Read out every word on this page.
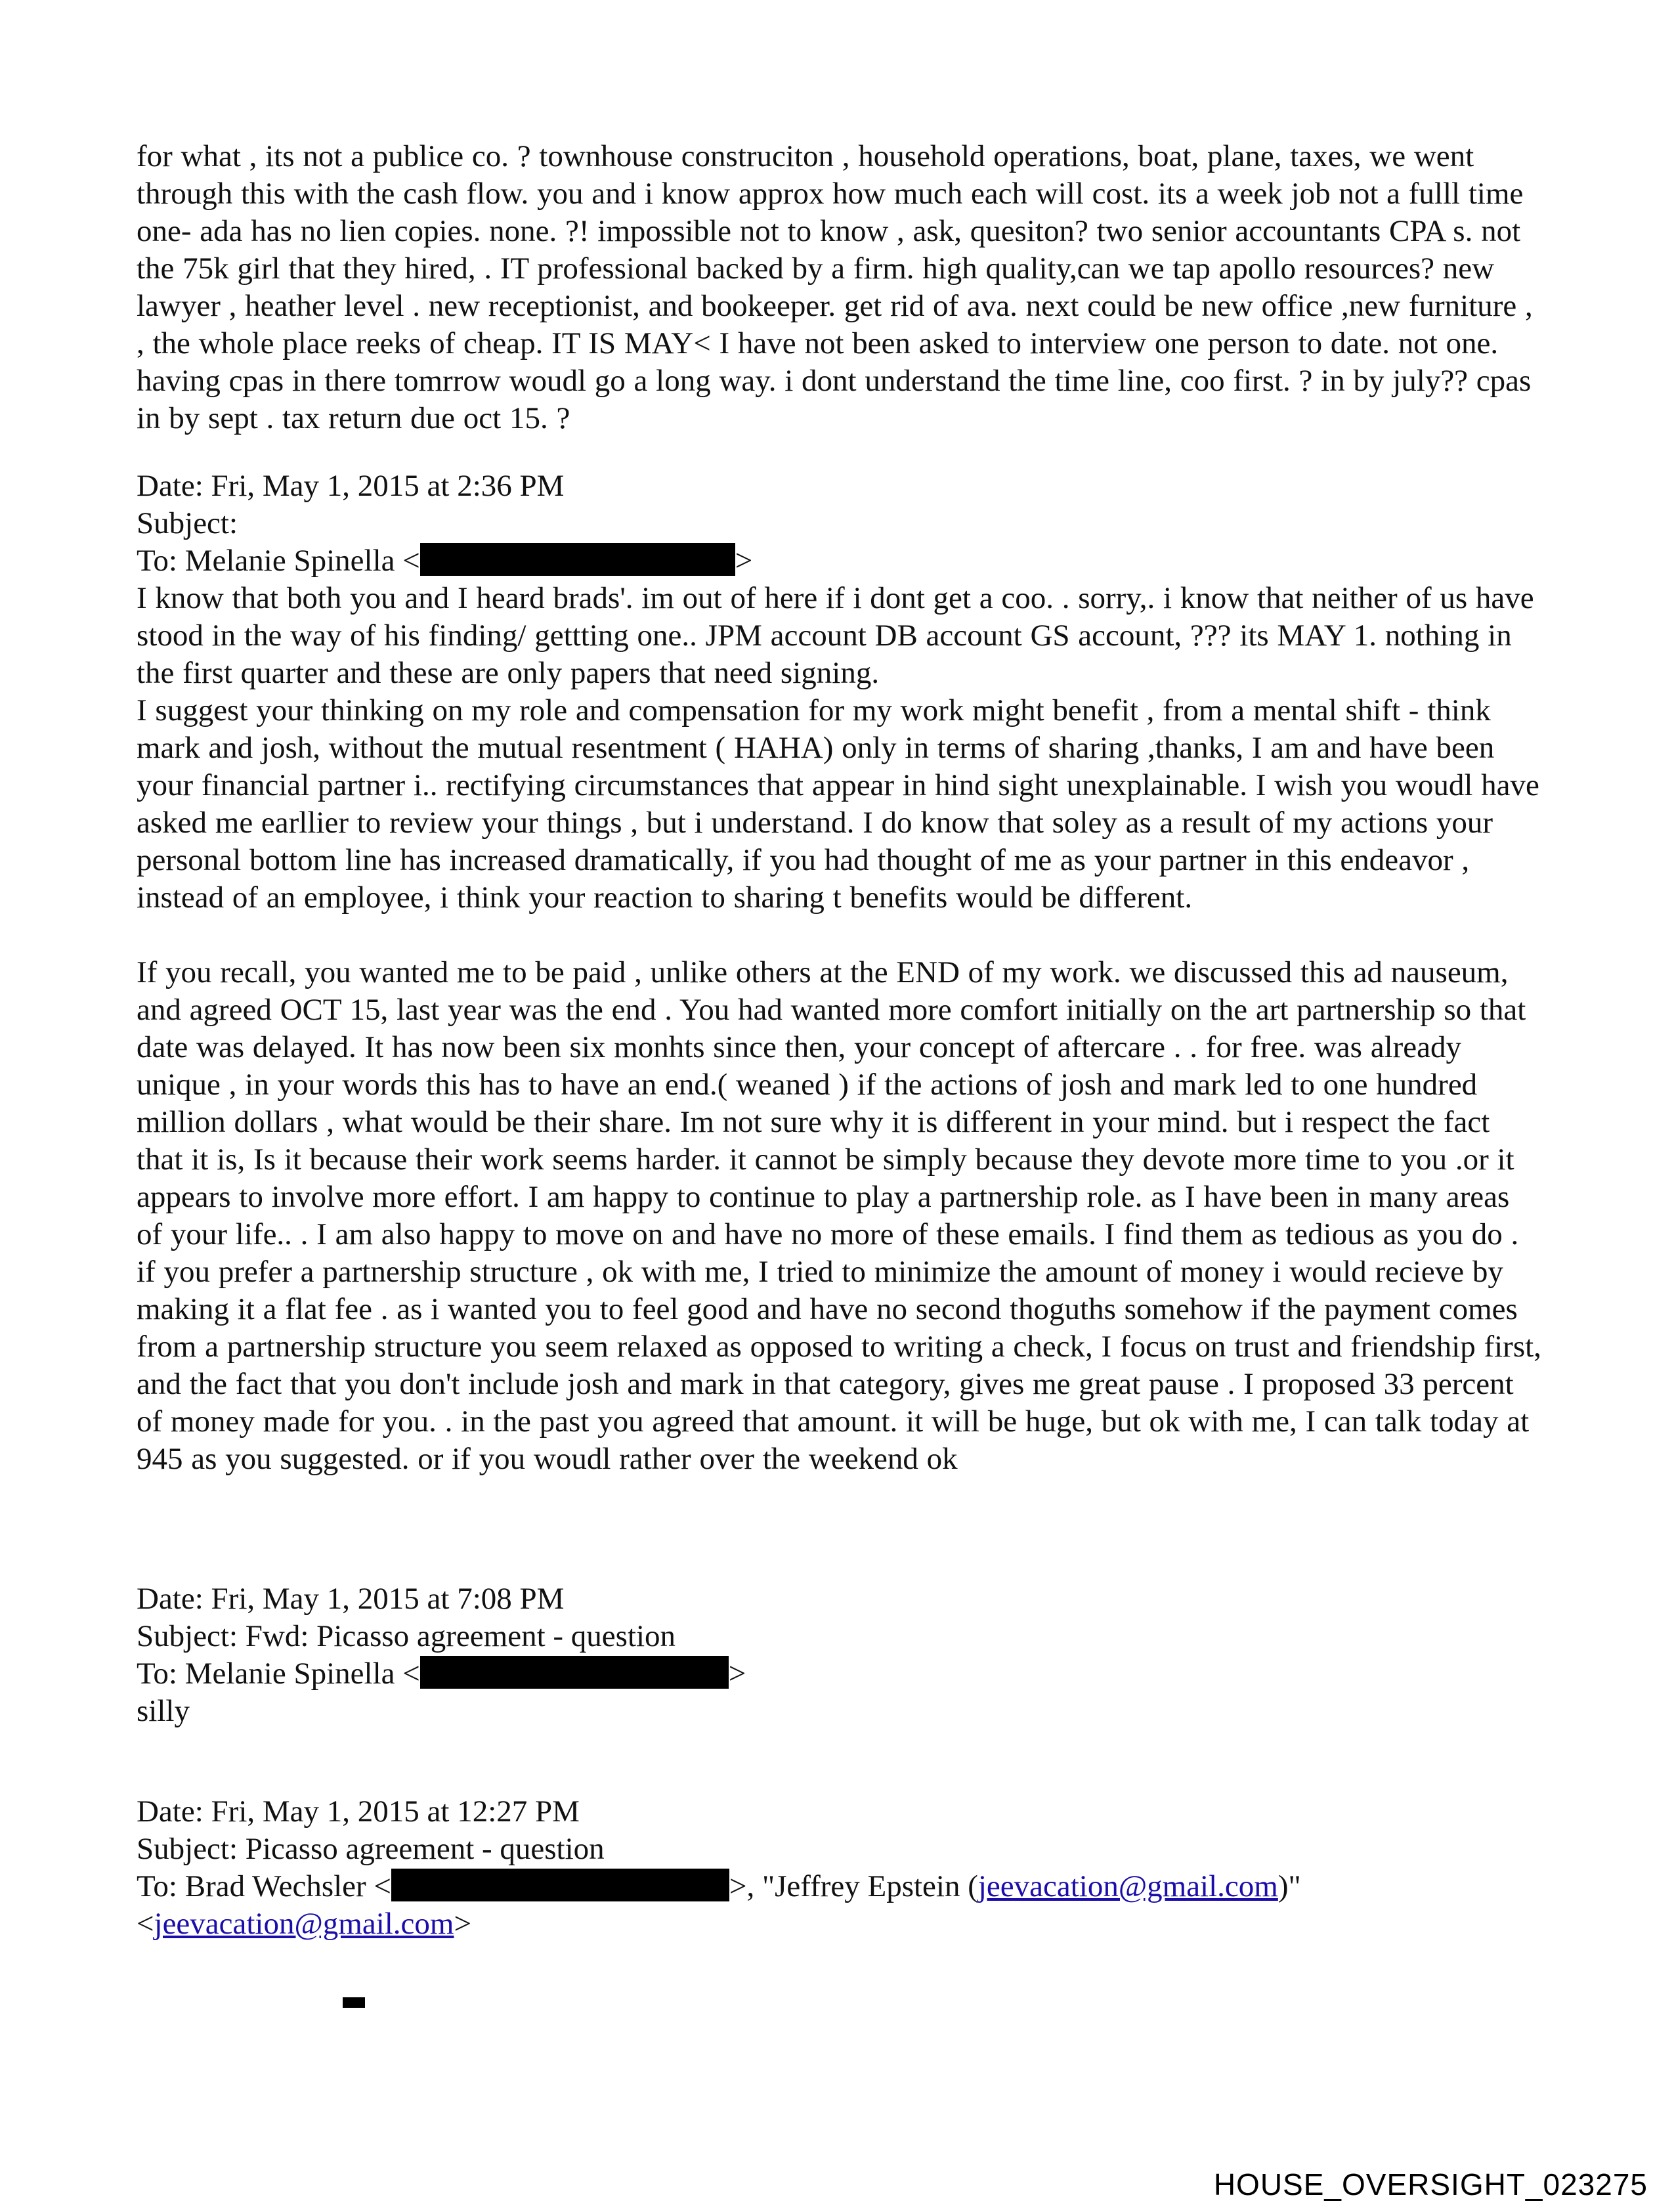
for what , its not a publice co. ? townhouse construciton , household operations, boat, plane, taxes, we went through this with the cash flow. you and i know approx how much each will cost. its a week job not a fulll time one- ada has no lien copies. none. ?! impossible not to know , ask, quesiton? two senior accountants CPA s. not the 75k girl that they hired, . IT professional backed by a firm. high quality,can we tap apollo resources? new lawyer , heather level . new receptionist, and bookeeper. get rid of ava. next could be new office ,new furniture , , the whole place reeks of cheap. IT IS MAY< I have not been asked to interview one person to date. not one. having cpas in there tomrrow woudl go a long way. i dont understand the time line, coo first. ? in by july?? cpas in by sept . tax return due oct 15. ?
Date: Fri, May 1, 2015 at 2:36 PM
Subject:
To: Melanie Spinella <	>
I know that both you and I heard brads'. im out of here if i dont get a coo. . sorry,. i know that neither of us have stood in the way of his finding/ gettting one.. JPM account DB account GS account, ??? its MAY 1. nothing in the first quarter and these are only papers that need signing.
I suggest your thinking on my role and compensation for my work might benefit , from a mental shift - think mark and josh, without the mutual resentment ( HAHA) only in terms of sharing ,thanks, I am and have been your financial partner i.. rectifying circumstances that appear in hind sight unexplainable. I wish you woudl have asked me earllier to review your things , but i understand. I do know that soley as a result of my actions your personal bottom line has increased dramatically, if you had thought of me as your partner in this endeavor , instead of an employee, i think your reaction to sharing t benefits would be different.
If you recall, you wanted me to be paid , unlike others at the END of my work. we discussed this ad nauseum, and agreed OCT 15, last year was the end . You had wanted more comfort initially on the art partnership so that date was delayed. It has now been six monhts since then, your concept of aftercare . . for free. was already unique , in your words this has to have an end.( weaned ) if the actions of josh and mark led to one hundred million dollars , what would be their share. Im not sure why it is different in your mind. but i respect the fact that it is, Is it because their work seems harder. it cannot be simply because they devote more time to you .or it appears to involve more effort. I am happy to continue to play a partnership role. as I have been in many areas of your life.. . I am also happy to move on and have no more of these emails. I find them as tedious as you do . if you prefer a partnership structure , ok with me, I tried to minimize the amount of money i would recieve by making it a flat fee . as i wanted you to feel good and have no second thoguths somehow if the payment comes from a partnership structure you seem relaxed as opposed to writing a check, I focus on trust and friendship first, and the fact that you don't include josh and mark in that category, gives me great pause . I proposed 33 percent of money made for you. . in the past you agreed that amount. it will be huge, but ok with me, I can talk today at 945 as you suggested. or if you woudl rather over the weekend ok
Date: Fri, May 1, 2015 at 7:08 PM
Subject: Fwd: Picasso agreement - question
To: Melanie Spinella <	>
silly
Date: Fri, May 1, 2015 at 12:27 PM
Subject: Picasso agreement - question
To: Brad Wechsler <	>, "Jeffrey Epstein (jeevacation@gmail.com)"
<jeevacation@gmail.com>
HOUSE_OVERSIGHT_023275
